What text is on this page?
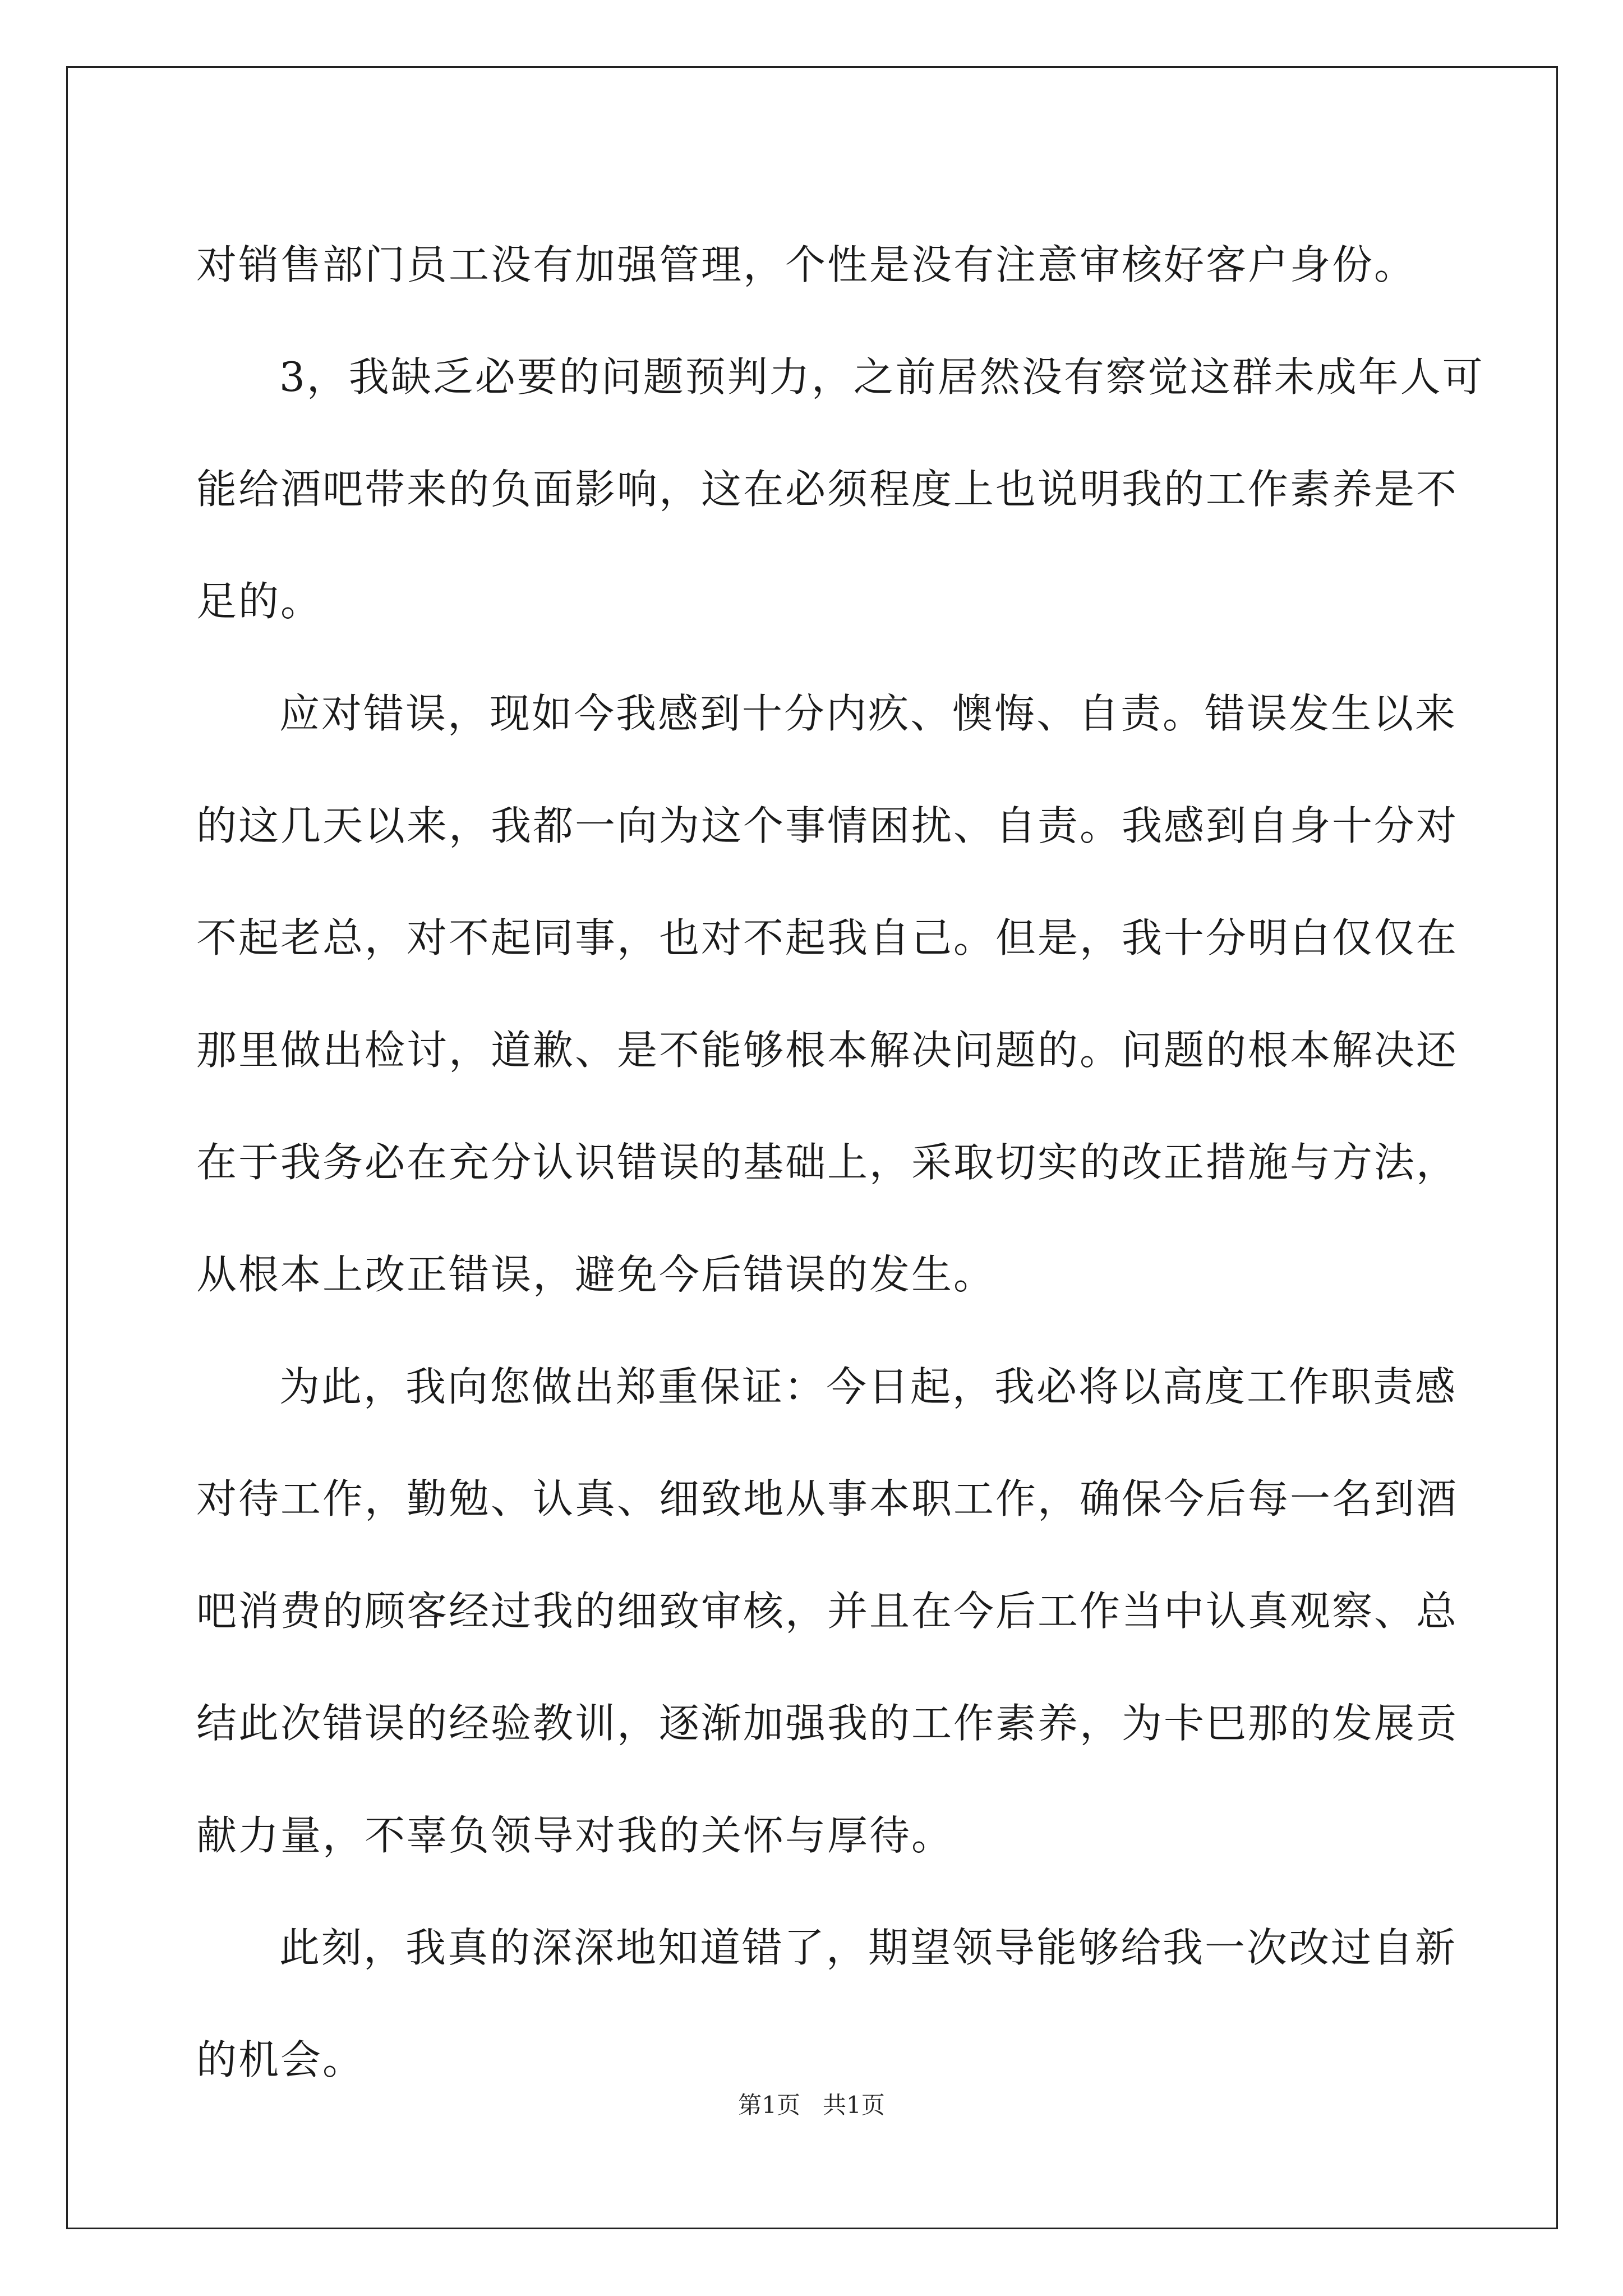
对销售部门员工没有加强管理，个性是没有注意审核好客户身份。
3，我缺乏必要的问题预判力，之前居然没有察觉这群未成年人可
能给酒吧带来的负面影响，这在必须程度上也说明我的工作素养是不
足的。
应对错误，现如今我感到十分内疚、懊悔、自责。错误发生以来
的这几天以来，我都一向为这个事情困扰、自责。我感到自身十分对
不起老总，对不起同事，也对不起我自己。但是，我十分明白仅仅在
那里做出检讨，道歉、是不能够根本解决问题的。问题的根本解决还
在于我务必在充分认识错误的基础上，采取切实的改正措施与方法，
从根本上改正错误，避免今后错误的发生。
为此，我向您做出郑重保证：今日起，我必将以高度工作职责感
对待工作，勤勉、认真、细致地从事本职工作，确保今后每一名到酒
吧消费的顾客经过我的细致审核，并且在今后工作当中认真观察、总
结此次错误的经验教训，逐渐加强我的工作素养，为卡巴那的发展贡
献力量，不辜负领导对我的关怀与厚待。
此刻，我真的深深地知道错了，期望领导能够给我一次改过自新
的机会。
第1页 共1页
